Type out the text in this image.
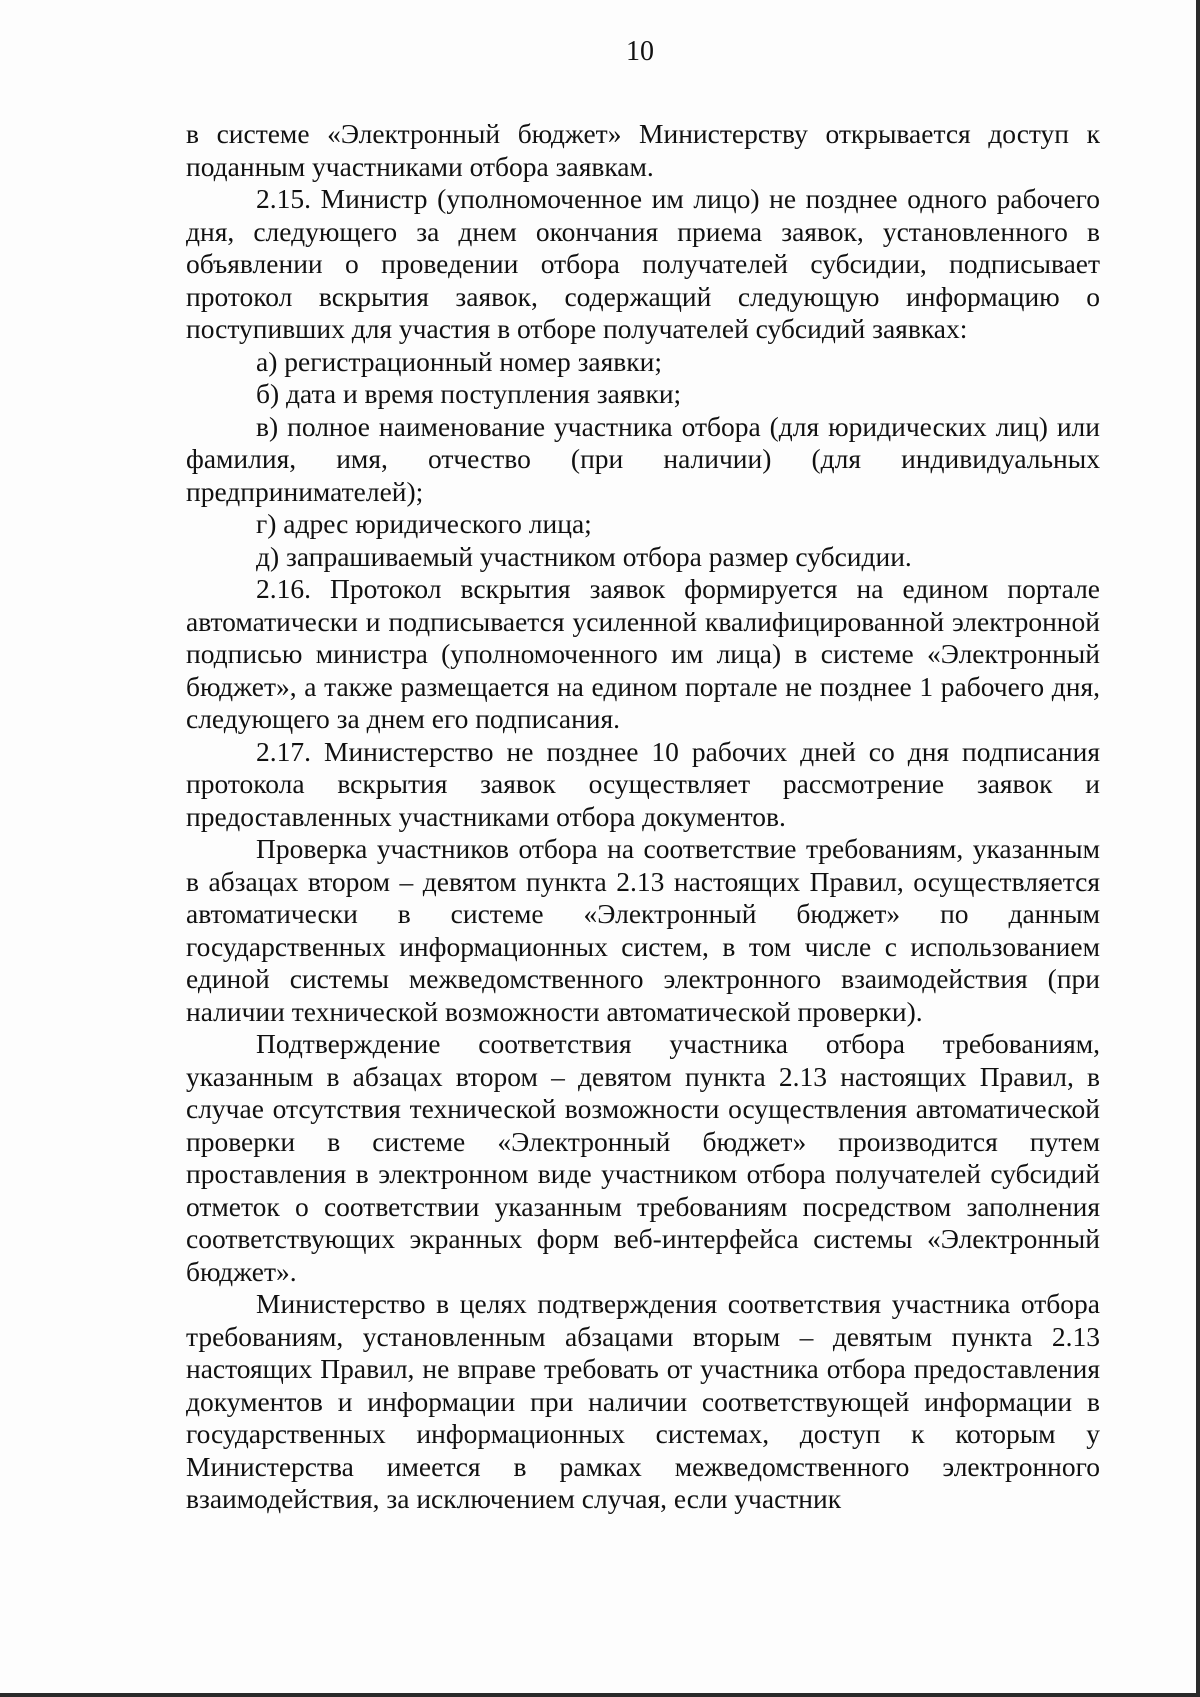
10

в системе «Электронный бюджет» Министерству открывается доступ к поданным участниками отбора заявкам.

2.15. Министр (уполномоченное им лицо) не позднее одного рабочего дня, следующего за днем окончания приема заявок, установленного в объявлении о проведении отбора получателей субсидии, подписывает протокол вскрытия заявок, содержащий следующую информацию о поступивших для участия в отборе получателей субсидий заявках:

а) регистрационный номер заявки;

б) дата и время поступления заявки;

в) полное наименование участника отбора (для юридических лиц) или фамилия, имя, отчество (при наличии) (для индивидуальных предпринимателей);

г) адрес юридического лица;

д) запрашиваемый участником отбора размер субсидии.

2.16. Протокол вскрытия заявок формируется на едином портале автоматически и подписывается усиленной квалифицированной электронной подписью министра (уполномоченного им лица) в системе «Электронный бюджет», а также размещается на едином портале не позднее 1 рабочего дня, следующего за днем его подписания.

2.17. Министерство не позднее 10 рабочих дней со дня подписания протокола вскрытия заявок осуществляет рассмотрение заявок и предоставленных участниками отбора документов.

Проверка участников отбора на соответствие требованиям, указанным в абзацах втором – девятом пункта 2.13 настоящих Правил, осуществляется автоматически в системе «Электронный бюджет» по данным государственных информационных систем, в том числе с использованием единой системы межведомственного электронного взаимодействия (при наличии технической возможности автоматической проверки).

Подтверждение соответствия участника отбора требованиям, указанным в абзацах втором – девятом пункта 2.13 настоящих Правил, в случае отсутствия технической возможности осуществления автоматической проверки в системе «Электронный бюджет» производится путем проставления в электронном виде участником отбора получателей субсидий отметок о соответствии указанным требованиям посредством заполнения соответствующих экранных форм веб-интерфейса системы «Электронный бюджет».

Министерство в целях подтверждения соответствия участника отбора требованиям, установленным абзацами вторым – девятым пункта 2.13 настоящих Правил, не вправе требовать от участника отбора предоставления документов и информации при наличии соответствующей информации в государственных информационных системах, доступ к которым у Министерства имеется в рамках межведомственного электронного взаимодействия, за исключением случая, если участник
